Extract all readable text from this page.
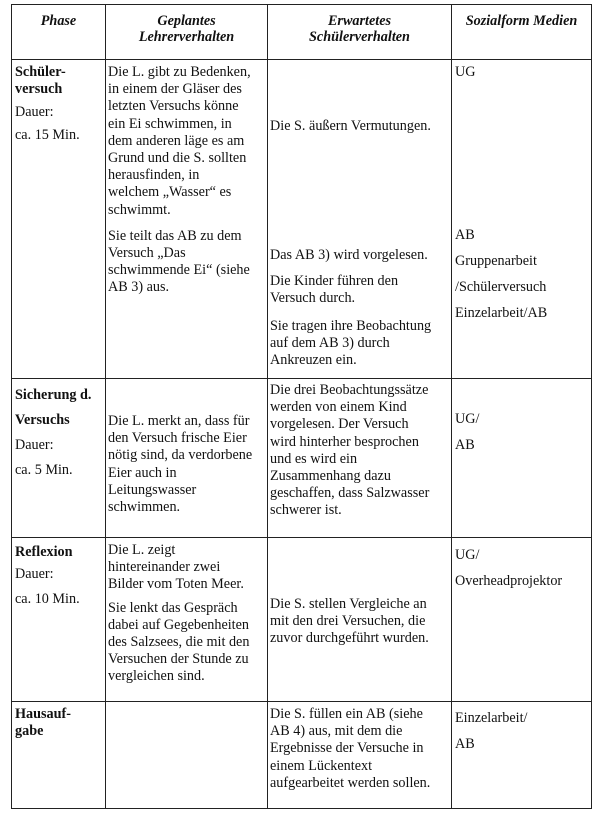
Phase	Geplantes
Lehrerverhalten
Erwartetes
Schülerverhalten
Sozialform Medien
Schüler-
versuch
Dauer:
ca. 15 Min.
Die L. gibt zu Bedenken,
in einem der Gläser des
letzten Versuchs könne
ein Ei schwimmen, in
dem anderen läge es am
Grund und die S. sollten
herausfinden, in
welchem „Wasser“ es
schwimmt.
Sie teilt das AB zu dem
Versuch „Das
schwimmende Ei“ (siehe
AB 3) aus.
Die S. äußern Vermutungen.
Das AB 3) wird vorgelesen.
Die Kinder führen den
Versuch durch.
Sie tragen ihre Beobachtung
auf dem AB 3) durch
Ankreuzen ein.
UG
AB
Gruppenarbeit
/Schülerversuch
Einzelarbeit/AB
Sicherung d.
Versuchs
Dauer:
ca. 5 Min.
Die L. merkt an, dass für
den Versuch frische Eier
nötig sind, da verdorbene
Eier auch in
Leitungswasser
schwimmen.
Die drei Beobachtungssätze
werden von einem Kind
vorgelesen. Der Versuch
wird hinterher besprochen
und es wird ein
Zusammenhang dazu
geschaffen, dass Salzwasser
schwerer ist.
UG/
AB
Reflexion
Dauer:
ca. 10 Min.
Die L. zeigt
hintereinander zwei
Bilder vom Toten Meer.
Sie lenkt das Gespräch
dabei auf Gegebenheiten
des Salzsees, die mit den
Versuchen der Stunde zu
vergleichen sind.
Die S. stellen Vergleiche an
mit den drei Versuchen, die
zuvor durchgeführt wurden.
UG/
Overheadprojektor
Hausauf-
gabe
Die S. füllen ein AB (siehe
AB 4) aus, mit dem die
Ergebnisse der Versuche in
einem Lückentext
aufgearbeitet werden sollen.
Einzelarbeit/
AB
